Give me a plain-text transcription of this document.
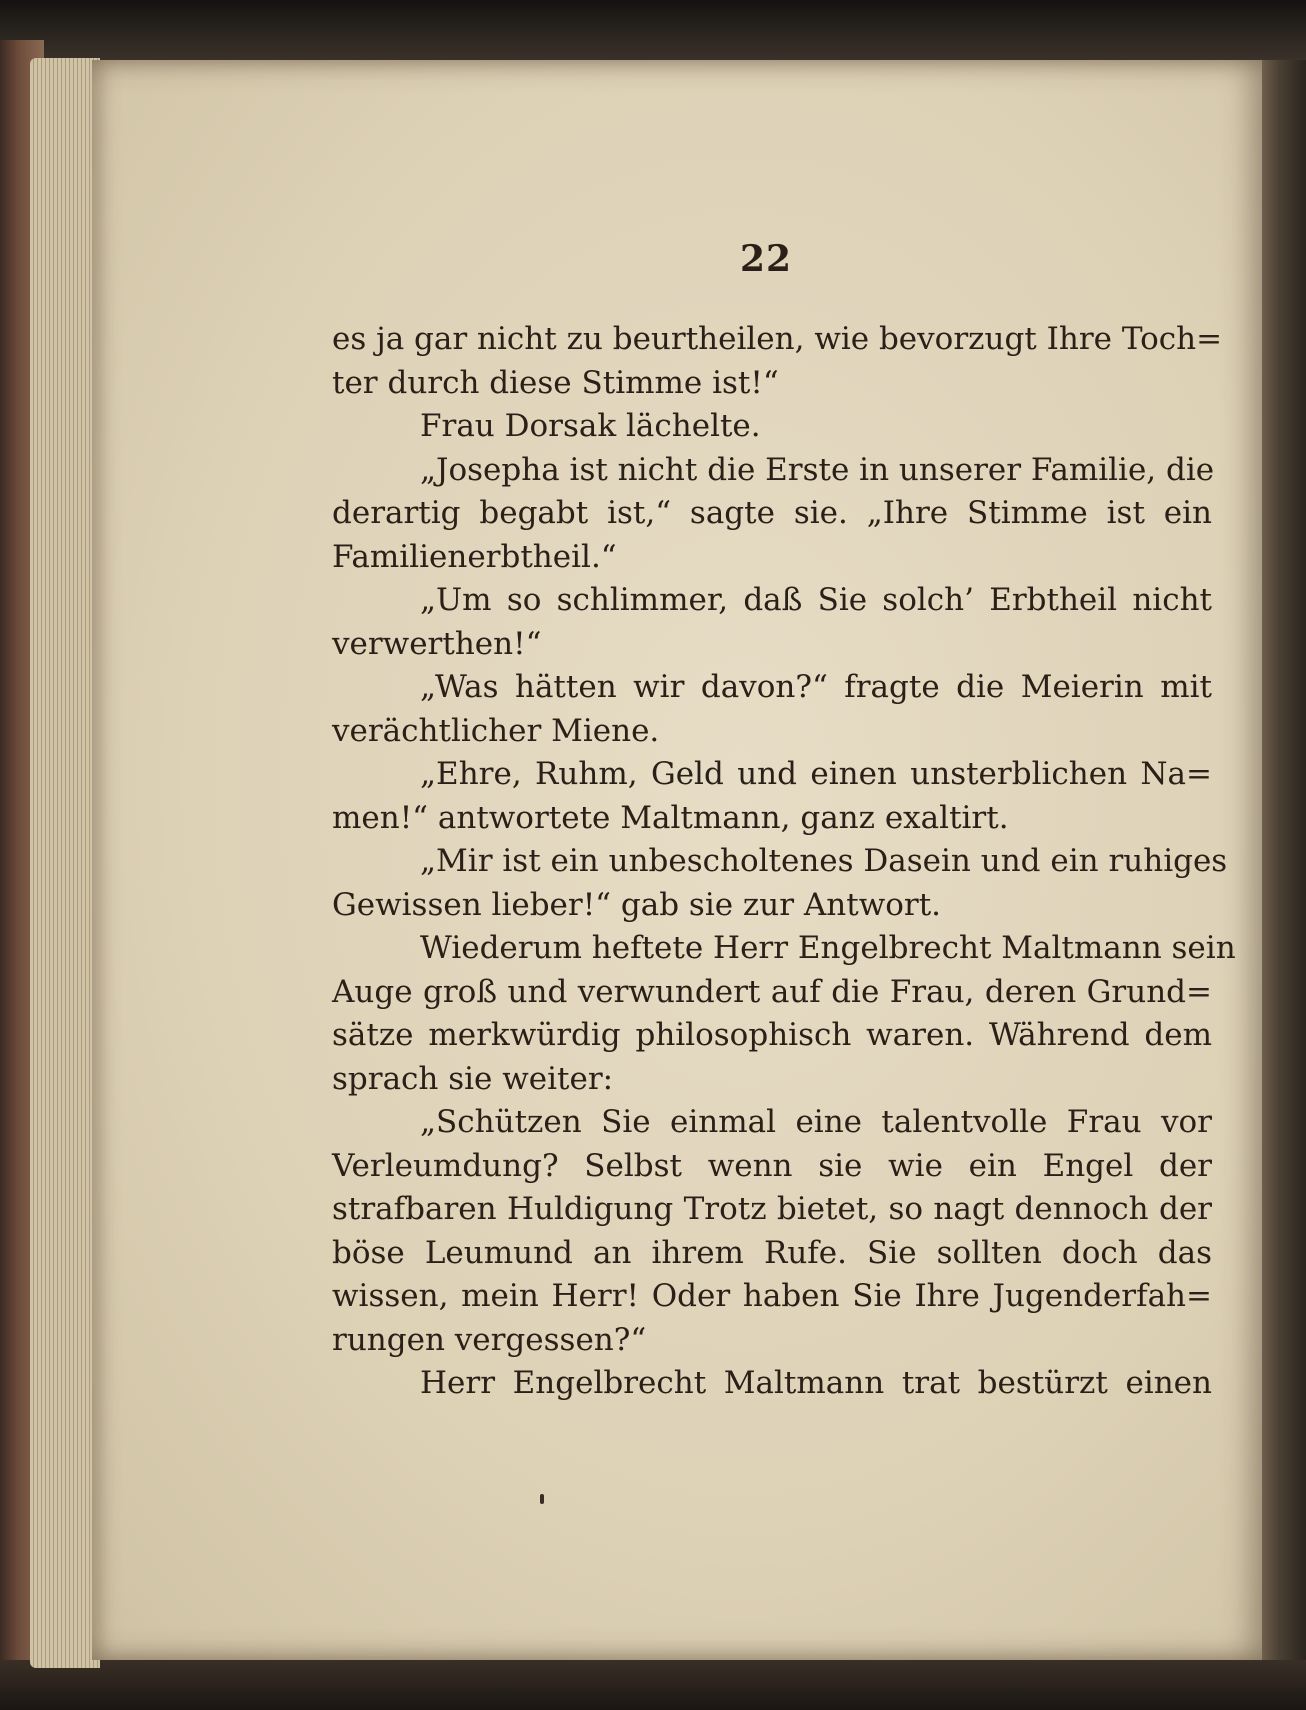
22
es ja gar nicht zu beurtheilen, wie bevorzugt Ihre Toch=
ter durch diese Stimme ist!“
Frau Dorsak lächelte.
„Josepha ist nicht die Erste in unserer Familie, die
derartig begabt ist,“ sagte sie. „Ihre Stimme ist ein
Familienerbtheil.“
„Um so schlimmer, daß Sie solch’ Erbtheil nicht
verwerthen!“
„Was hätten wir davon?“ fragte die Meierin mit
verächtlicher Miene.
„Ehre, Ruhm, Geld und einen unsterblichen Na=
men!“ antwortete Maltmann, ganz exaltirt.
„Mir ist ein unbescholtenes Dasein und ein ruhiges
Gewissen lieber!“ gab sie zur Antwort.
Wiederum heftete Herr Engelbrecht Maltmann sein
Auge groß und verwundert auf die Frau, deren Grund=
sätze merkwürdig philosophisch waren. Während dem
sprach sie weiter:
„Schützen Sie einmal eine talentvolle Frau vor
Verleumdung? Selbst wenn sie wie ein Engel der
strafbaren Huldigung Trotz bietet, so nagt dennoch der
böse Leumund an ihrem Rufe. Sie sollten doch das
wissen, mein Herr! Oder haben Sie Ihre Jugenderfah=
rungen vergessen?“
Herr Engelbrecht Maltmann trat bestürzt einen
